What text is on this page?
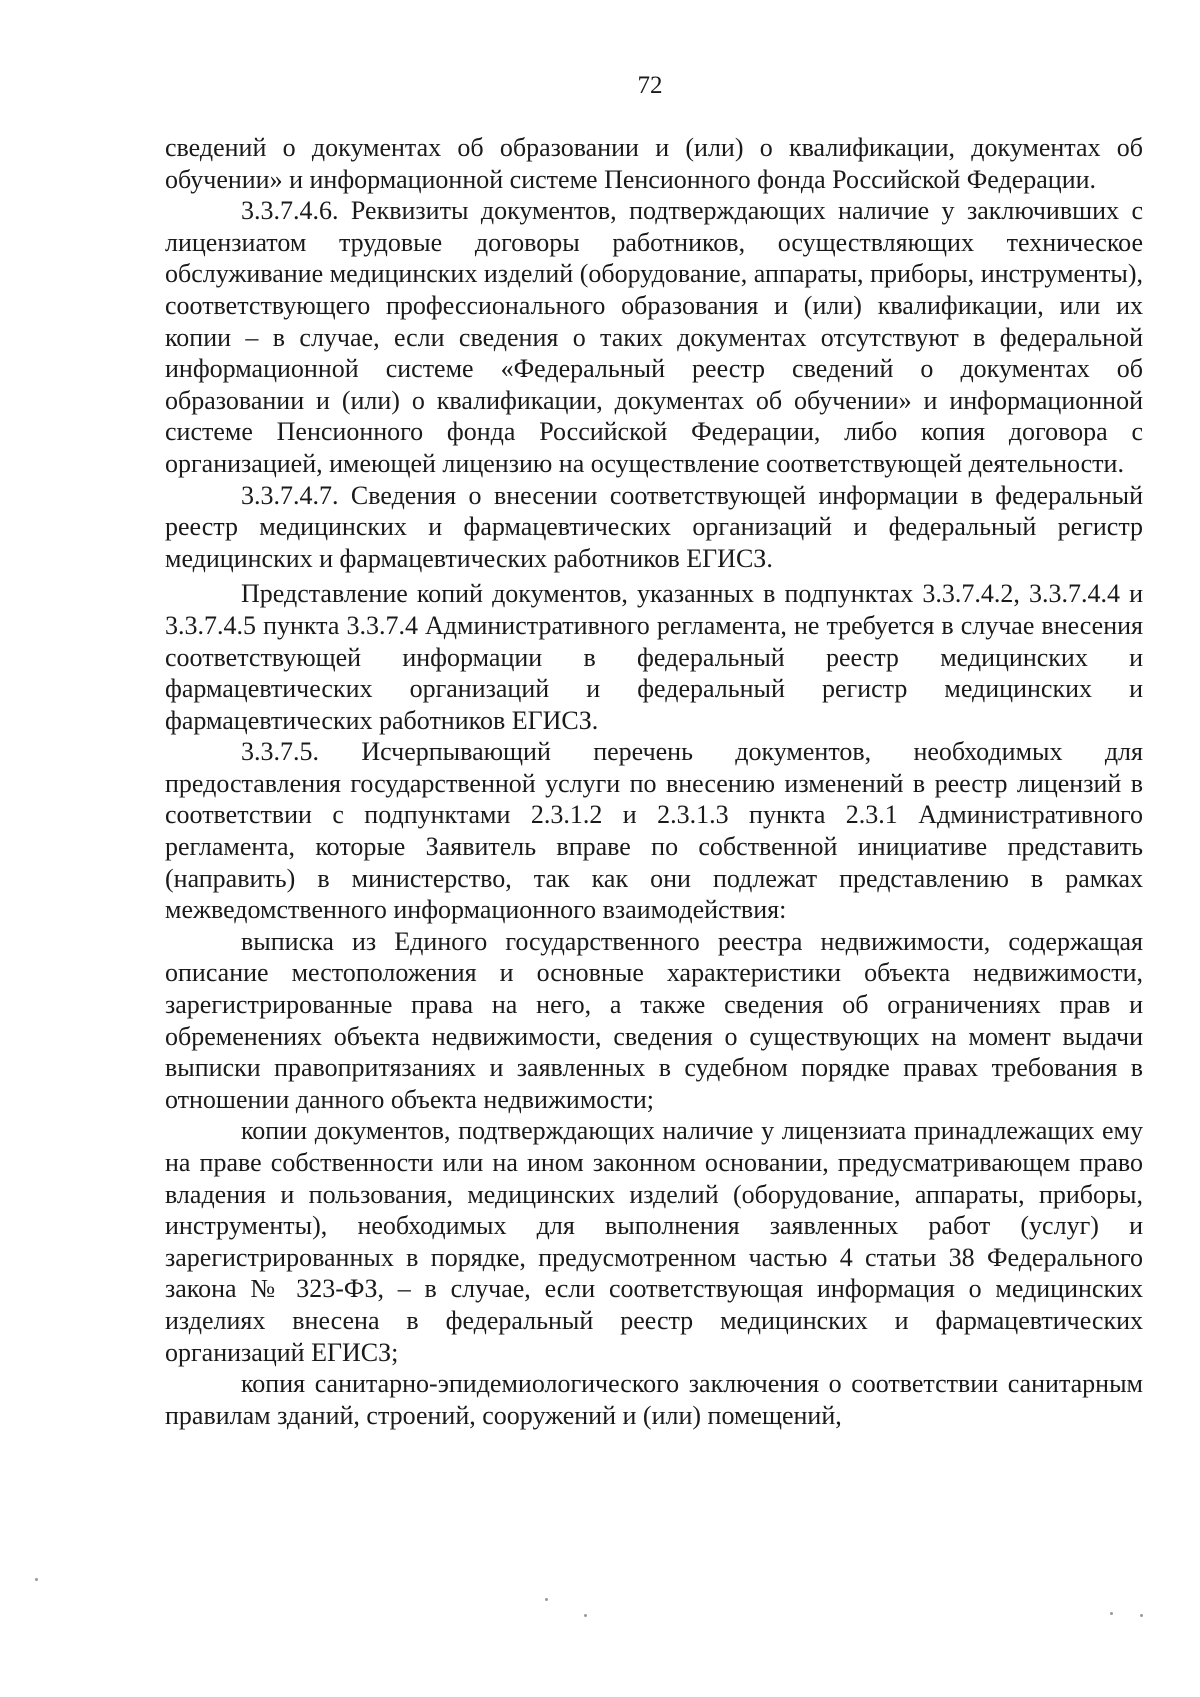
72

сведений о документах об образовании и (или) о квалификации, документах об обучении» и информационной системе Пенсионного фонда Российской Федерации.

3.3.7.4.6. Реквизиты документов, подтверждающих наличие у заключивших с лицензиатом трудовые договоры работников, осуществляющих техническое обслуживание медицинских изделий (оборудование, аппараты, приборы, инструменты), соответствующего профессионального образования и (или) квалификации, или их копии – в случае, если сведения о таких документах отсутствуют в федеральной информационной системе «Федеральный реестр сведений о документах об образовании и (или) о квалификации, документах об обучении» и информационной системе Пенсионного фонда Российской Федерации, либо копия договора с организацией, имеющей лицензию на осуществление соответствующей деятельности.

3.3.7.4.7. Сведения о внесении соответствующей информации в федеральный реестр медицинских и фармацевтических организаций и федеральный регистр медицинских и фармацевтических работников ЕГИСЗ.

Представление копий документов, указанных в подпунктах 3.3.7.4.2, 3.3.7.4.4 и 3.3.7.4.5 пункта 3.3.7.4 Административного регламента, не требуется в случае внесения соответствующей информации в федеральный реестр медицинских и фармацевтических организаций и федеральный регистр медицинских и фармацевтических работников ЕГИСЗ.

3.3.7.5. Исчерпывающий перечень документов, необходимых для предоставления государственной услуги по внесению изменений в реестр лицензий в соответствии с подпунктами 2.3.1.2 и 2.3.1.3 пункта 2.3.1 Административного регламента, которые Заявитель вправе по собственной инициативе представить (направить) в министерство, так как они подлежат представлению в рамках межведомственного информационного взаимодействия:

выписка из Единого государственного реестра недвижимости, содержащая описание местоположения и основные характеристики объекта недвижимости, зарегистрированные права на него, а также сведения об ограничениях прав и обременениях объекта недвижимости, сведения о существующих на момент выдачи выписки правопритязаниях и заявленных в судебном порядке правах требования в отношении данного объекта недвижимости;

копии документов, подтверждающих наличие у лицензиата принадлежащих ему на праве собственности или на ином законном основании, предусматривающем право владения и пользования, медицинских изделий (оборудование, аппараты, приборы, инструменты), необходимых для выполнения заявленных работ (услуг) и зарегистрированных в порядке, предусмотренном частью 4 статьи 38 Федерального закона № 323-ФЗ, – в случае, если соответствующая информация о медицинских изделиях внесена в федеральный реестр медицинских и фармацевтических организаций ЕГИСЗ;

копия санитарно-эпидемиологического заключения о соответствии санитарным правилам зданий, строений, сооружений и (или) помещений,
